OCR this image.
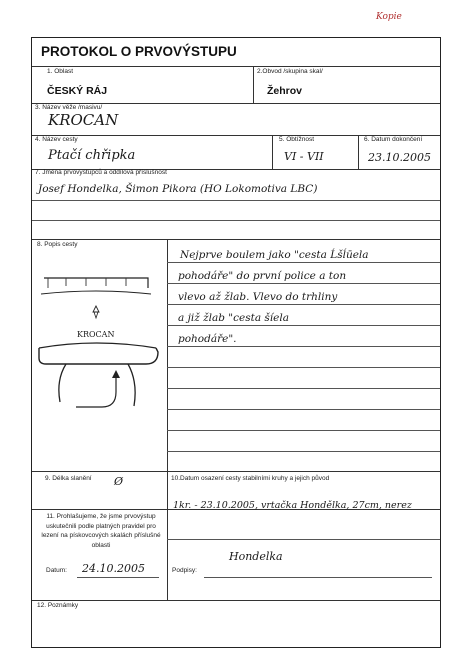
Kopie
PROTOKOL O PRVOVÝSTUPU
1. Oblast
ČESKÝ RÁJ
2.Obvod /skupina skal/
Žehrov
3. Název věže /masivu/
KROCAN
4. Název cesty
Ptačí chřipka
5. Obtížnost
VI - VII
6. Datum dokončení
23.10.2005
7. Jména prvovystupců a oddílová příslušnost
Josef Hondelka, Šimon Pikora (HO Lokomotiva LBC)
8. Popis cesty
KROCAN
Nejprve boulem jako "cesta Ĺšĺūela
pohodáře" do první police a ton
vlevo až žlab. Vlevo do trhliny
a již žlab "cesta šíela
pohodáře".
9. Délka slanění Ø	10.Datum osazení cesty stabilními kruhy a jejich původ
11. Prohlašujeme, že jsme prvovýstup uskutečnili podle platných pravidel pro lezení na pískovcových skalách příslušné oblasti
1kr. - 23.10.2005, vrtačka Hondělka, 27cm, nerez
Datum: 24.10.2005	Podpisy:
Hondelka
12. Poznámky
